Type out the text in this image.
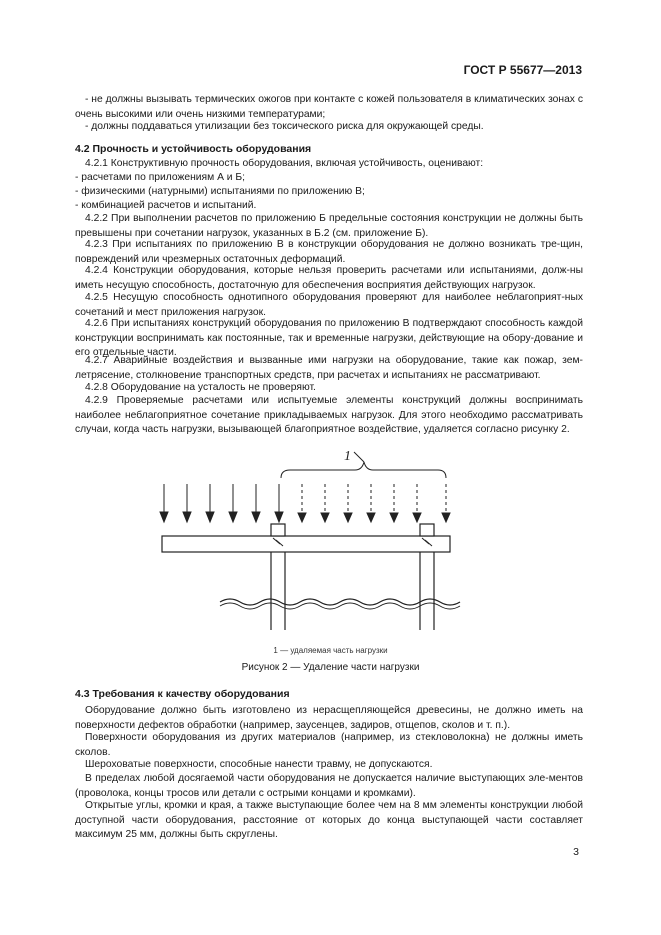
ГОСТ Р 55677—2013

- не должны вызывать термических ожогов при контакте с кожей пользователя в климатических зонах с очень высокими или очень низкими температурами;

- должны поддаваться утилизации без токсического риска для окружающей среды.

4.2 Прочность и устойчивость оборудования

4.2.1 Конструктивную прочность оборудования, включая устойчивость, оценивают:

- расчетами по приложениям А и Б;

- физическими (натурными) испытаниями по приложению В;

- комбинацией расчетов и испытаний.

4.2.2 При выполнении расчетов по приложению Б предельные состояния конструкции не должны быть превышены при сочетании нагрузок, указанных в Б.2 (см. приложение Б).

4.2.3 При испытаниях по приложению В в конструкции оборудования не должно возникать тре-щин, повреждений или чрезмерных остаточных деформаций.

4.2.4 Конструкции оборудования, которые нельзя проверить расчетами или испытаниями, долж-ны иметь несущую способность, достаточную для обеспечения восприятия действующих нагрузок.

4.2.5 Несущую способность однотипного оборудования проверяют для наиболее неблагоприят-ных сочетаний и мест приложения нагрузок.

4.2.6 При испытаниях конструкций оборудования по приложению В подтверждают способность каждой конструкции воспринимать как постоянные, так и временные нагрузки, действующие на обору-дование и его отдельные части.

4.2.7 Аварийные воздействия и вызванные ими нагрузки на оборудование, такие как пожар, зем-летрясение, столкновение транспортных средств, при расчетах и испытаниях не рассматривают.

4.2.8 Оборудование на усталость не проверяют.

4.2.9 Проверяемые расчетами или испытуемые элементы конструкций должны воспринимать наиболее неблагоприятное сочетание прикладываемых нагрузок. Для этого необходимо рассматривать случаи, когда часть нагрузки, вызывающей благоприятное воздействие, удаляется согласно рисунку 2.

1
1 — удаляемая часть нагрузки
Рисунок 2 — Удаление части нагрузки
4.3 Требования к качеству оборудования

Оборудование должно быть изготовлено из нерасщепляющейся древесины, не должно иметь на поверхности дефектов обработки (например, заусенцев, задиров, отщепов, сколов и т. п.).

Поверхности оборудования из других материалов (например, из стекловолокна) не должны иметь сколов.

Шероховатые поверхности, способные нанести травму, не допускаются.

В пределах любой досягаемой части оборудования не допускается наличие выступающих эле-ментов (проволока, концы тросов или детали с острыми концами и кромками).

Открытые углы, кромки и края, а также выступающие более чем на 8 мм элементы конструкции любой доступной части оборудования, расстояние от которых до конца выступающей части составляет максимум 25 мм, должны быть скруглены.

3
